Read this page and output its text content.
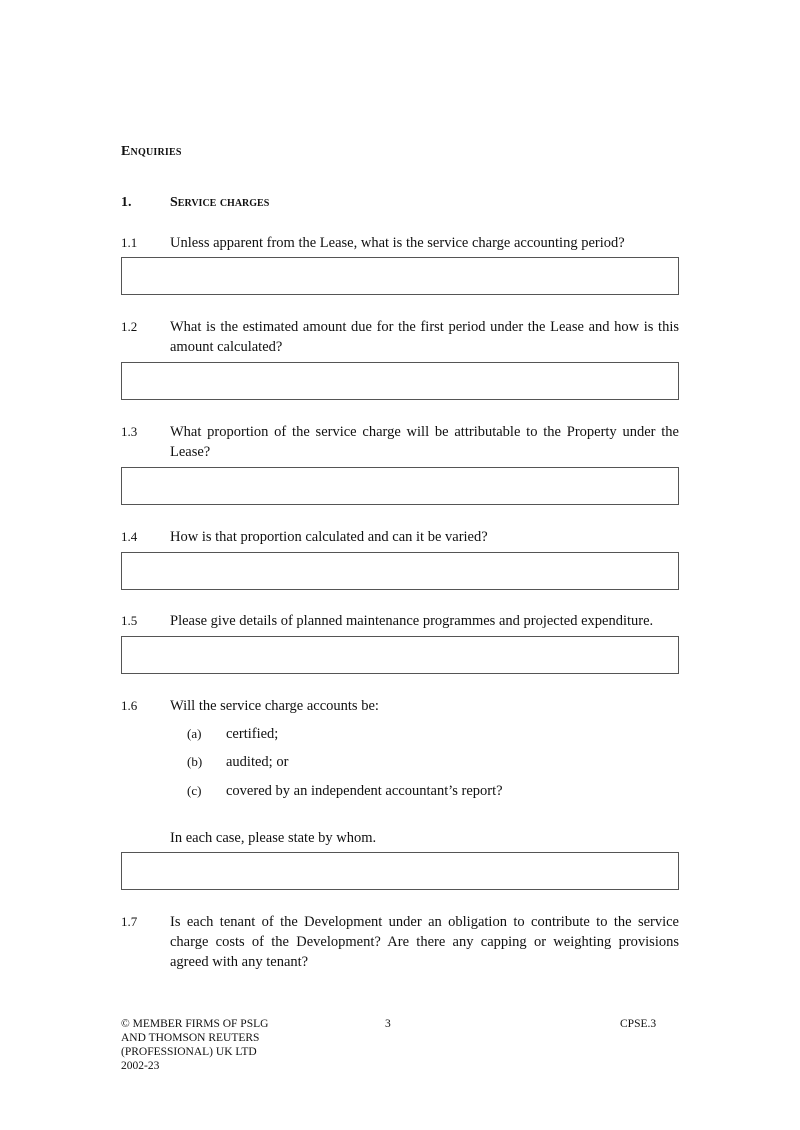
Enquiries
1.	Service charges
1.1 Unless apparent from the Lease, what is the service charge accounting period?
1.2 What is the estimated amount due for the first period under the Lease and how is this amount calculated?
1.3 What proportion of the service charge will be attributable to the Property under the Lease?
1.4 How is that proportion calculated and can it be varied?
1.5 Please give details of planned maintenance programmes and projected expenditure.
1.6 Will the service charge accounts be:
(a) certified;
(b) audited; or
(c) covered by an independent accountant’s report?
In each case, please state by whom.
1.7 Is each tenant of the Development under an obligation to contribute to the service charge costs of the Development? Are there any capping or weighting provisions agreed with any tenant?
© MEMBER FIRMS OF PSLG
AND THOMSON REUTERS
(PROFESSIONAL) UK LTD
2002-23
3	CPSE.3
